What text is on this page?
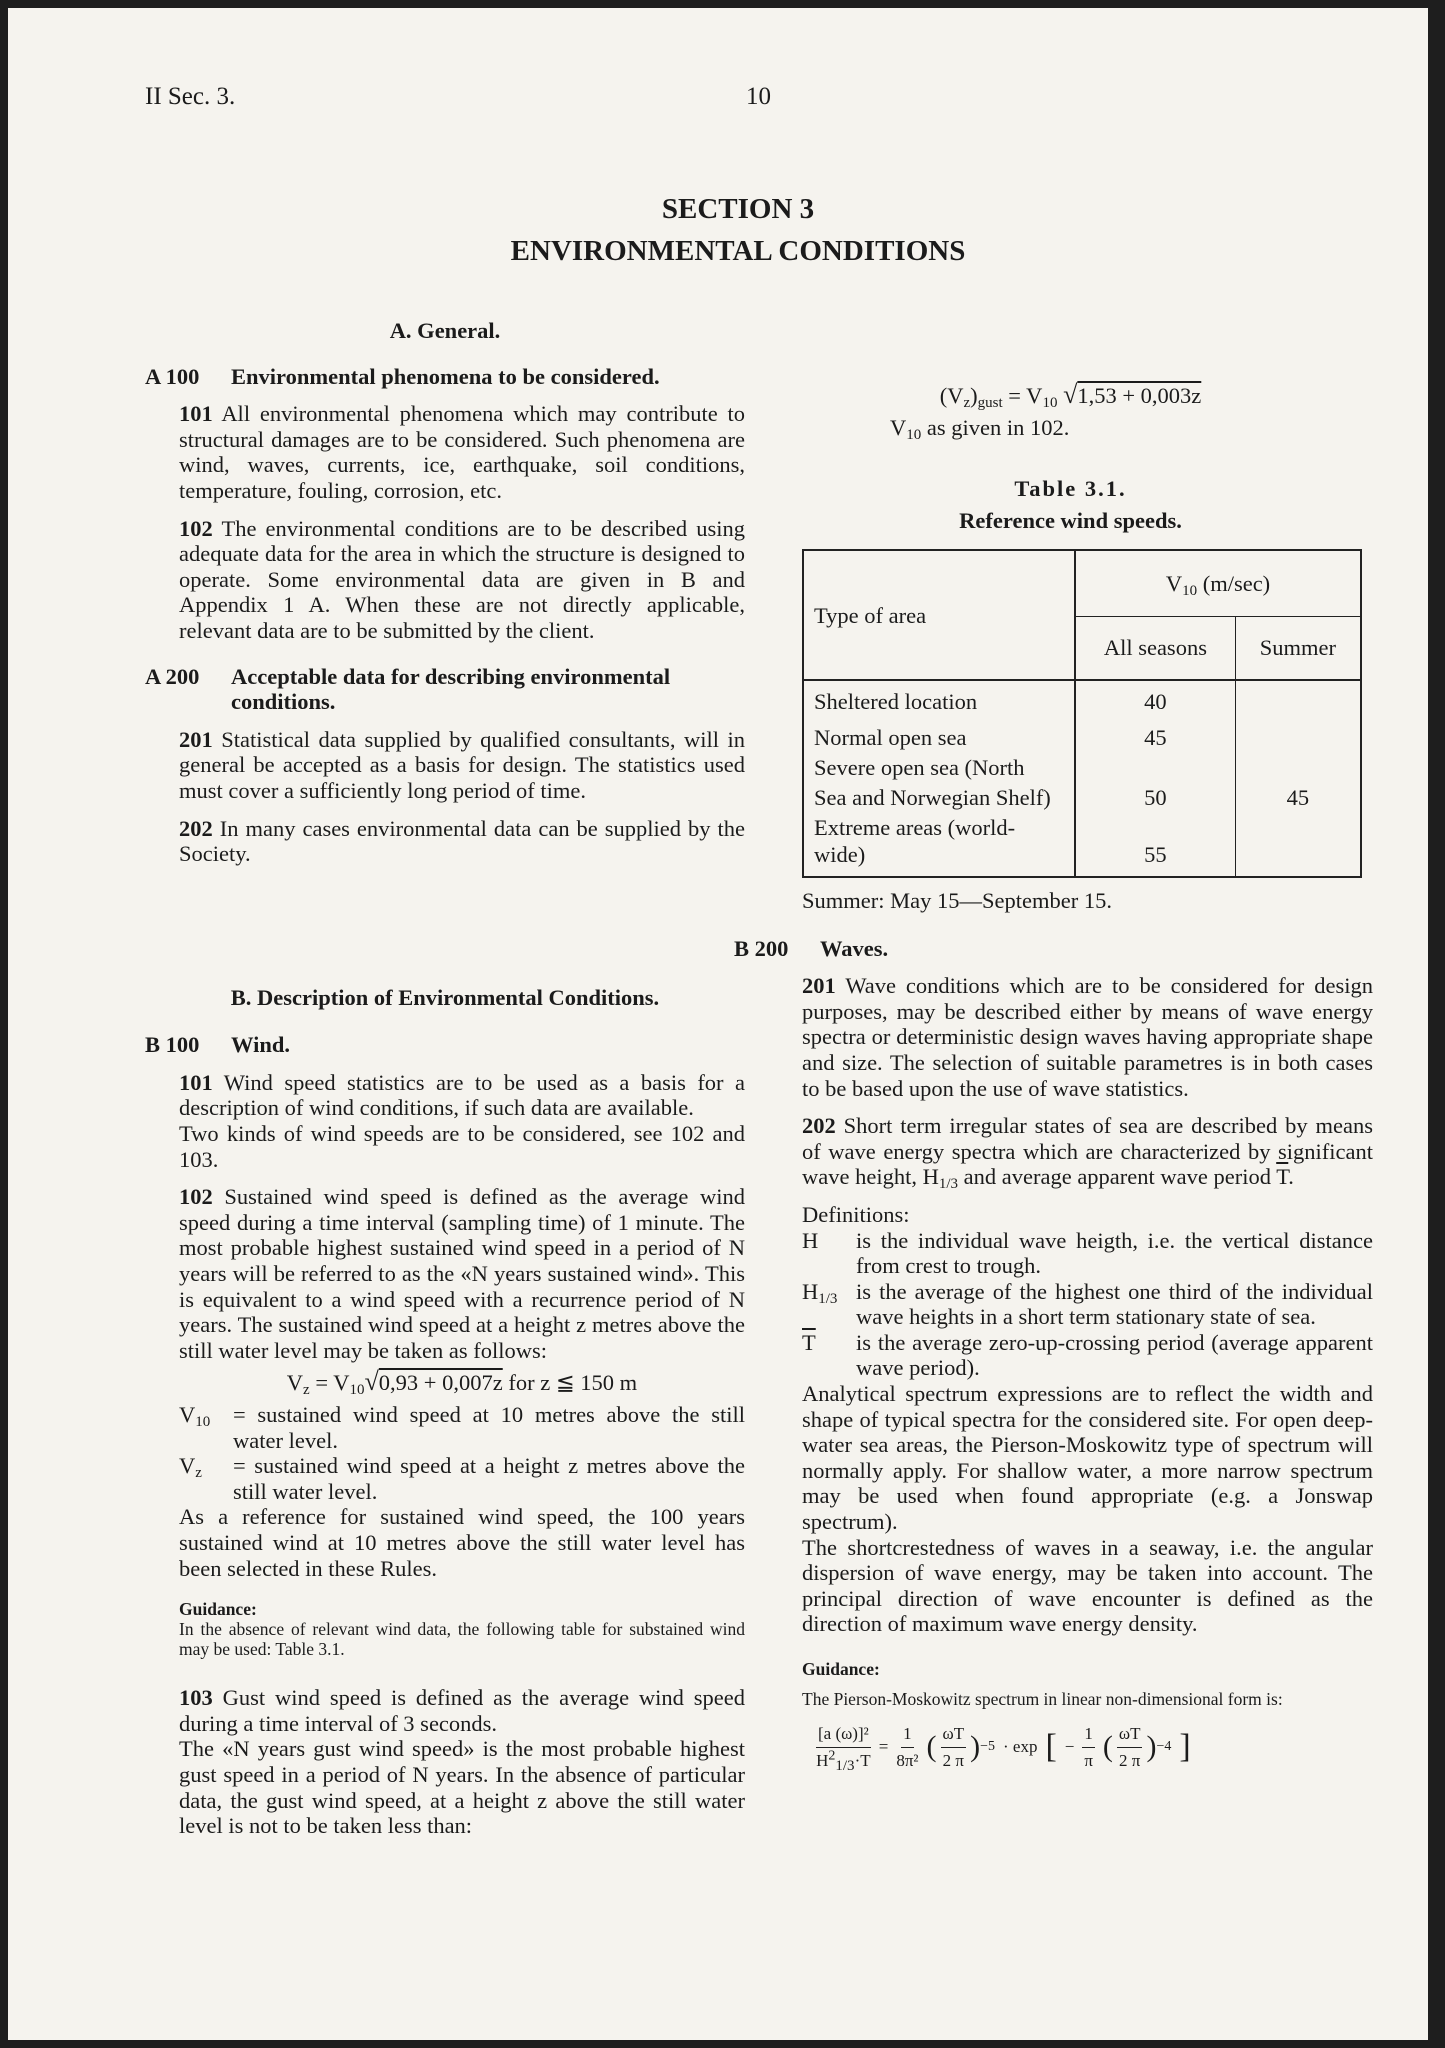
II Sec. 3.	10
SECTION 3
ENVIRONMENTAL CONDITIONS
A. General.
A 100	Environmental phenomena to be considered.

101 All environmental phenomena which may contribute to structural damages are to be considered. Such phenomena are wind, waves, currents, ice, earthquake, soil conditions, temperature, fouling, corrosion, etc.

102 The environmental conditions are to be described using adequate data for the area in which the structure is designed to operate. Some environmental data are given in B and Appendix 1 A. When these are not directly applicable, relevant data are to be submitted by the client.

A 200	Acceptable data for describing environmental conditions.

201 Statistical data supplied by qualified consultants, will in general be accepted as a basis for design. The statistics used must cover a sufficiently long period of time.

202 In many cases environmental data can be supplied by the Society.

B. Description of Environmental Conditions.
B 100	Wind.

101 Wind speed statistics are to be used as a basis for a description of wind conditions, if such data are available.

Two kinds of wind speeds are to be considered, see 102 and 103.

102 Sustained wind speed is defined as the average wind speed during a time interval (sampling time) of 1 minute. The most probable highest sustained wind speed in a period of N years will be referred to as the «N years sustained wind». This is equivalent to a wind speed with a recurrence period of N years. The sustained wind speed at a height z metres above the still water level may be taken as follows:

$V_z = V_{10}√0,93 + 0,007z$ for z ≦ 150 m
$V_{10}$	= sustained wind speed at 10 metres above the still water level.
$V_z$	= sustained wind speed at a height z metres above the still water level.

As a reference for sustained wind speed, the 100 years sustained wind at 10 metres above the still water level has been selected in these Rules.

Guidance:

In the absence of relevant wind data, the following table for substained wind may be used: Table 3.1.

103 Gust wind speed is defined as the average wind speed during a time interval of 3 seconds.

The «N years gust wind speed» is the most probable highest gust speed in a period of N years. In the absence of particular data, the gust wind speed, at a height z above the still water level is not to be taken less than:

$(V_z)_{gust} = V_{10}$ √1,53 + 0,003z
$V_{10}$ as given in 102.
Table 3.1.
Reference wind speeds.
Type of area	$V_{10}$ (m/sec)	
	All seasons	Summer
Sheltered location	40	
Normal open sea	45	
Severe open sea (North		
Sea and Norwegian Shelf)	50	45
Extreme areas (world-		
wide)	55	
Summer: May 15—September 15.
B 200	Waves.

201 Wave conditions which are to be considered for design purposes, may be described either by means of wave energy spectra or deterministic design waves having appropriate shape and size. The selection of suitable parametres is in both cases to be based upon the use of wave statistics.

202 Short term irregular states of sea are described by means of wave energy spectra which are characterized by significant wave height, $H_{1/3}$ and average apparent wave period $\overline{T}$.

Definitions:
H	is the individual wave heigth, i.e. the vertical distance from crest to trough.
$H_{1/3}$ is the average of the highest one third of the individual wave heights in a short term stationary state of sea.
$\overline{T}$	is the average zero-up-crossing period (average apparent wave period).

Analytical spectrum expressions are to reflect the width and shape of typical spectra for the considered site. For open deep-water sea areas, the Pierson-Moskowitz type of spectrum will normally apply. For shallow water, a more narrow spectrum may be used when found appropriate (e.g. a Jonswap spectrum).

The shortcrestedness of waves in a seaway, i.e. the angular dispersion of wave energy, may be taken into account. The principal direction of wave encounter is defined as the direction of maximum wave energy density.

Guidance:

The Pierson-Moskowitz spectrum in linear non-dimensional form is:

$\frac{\text{[a (ω)]²}}{H^2_{1/3}\cdot T} = \frac{1}{\text{8π²}}$ ( ωT
2 π ) −5 · exp [ − $\frac{1}{\pi}$ ( ωT
2 π ) −4 ]
